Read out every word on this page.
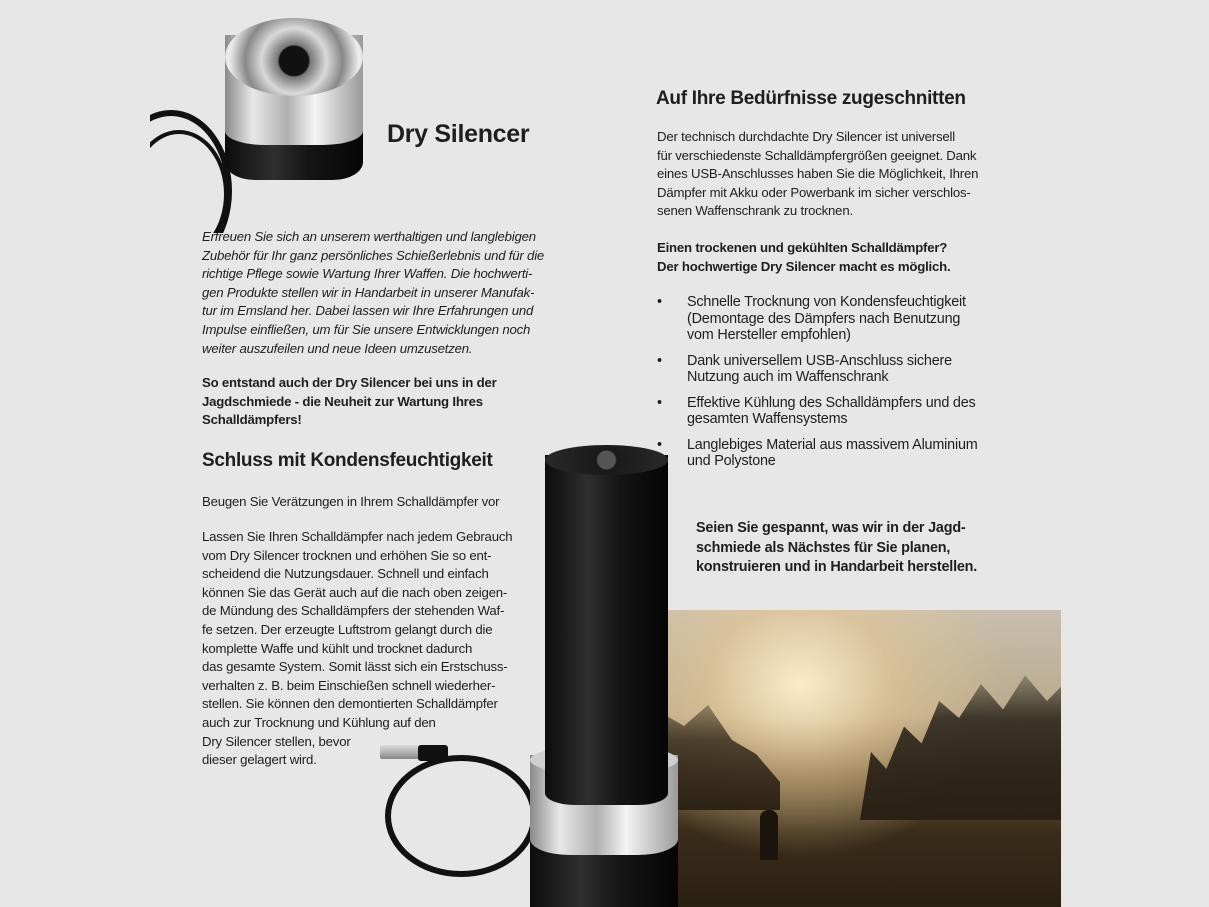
Dry Silencer
Erfreuen Sie sich an unserem werthaltigen und langlebigen
Zubehör für Ihr ganz persönliches Schießerlebnis und für die
richtige Pflege sowie Wartung Ihrer Waffen. Die hochwerti-
gen Produkte stellen wir in Handarbeit in unserer Manufak-
tur im Emsland her. Dabei lassen wir Ihre Erfahrungen und
Impulse einfließen, um für Sie unsere Entwicklungen noch
weiter auszufeilen und neue Ideen umzusetzen.
So entstand auch der Dry Silencer bei uns in der
Jagdschmiede - die Neuheit zur Wartung Ihres
Schalldämpfers!
Schluss mit Kondensfeuchtigkeit
Beugen Sie Verätzungen in Ihrem Schalldämpfer vor
Lassen Sie Ihren Schalldämpfer nach jedem Gebrauch
vom Dry Silencer trocknen und erhöhen Sie so ent-
scheidend die Nutzungsdauer. Schnell und einfach
können Sie das Gerät auch auf die nach oben zeigen-
de Mündung des Schalldämpfers der stehenden Waf-
fe setzen. Der erzeugte Luftstrom gelangt durch die
komplette Waffe und kühlt und trocknet dadurch
das gesamte System. Somit lässt sich ein Erstschuss-
verhalten z. B. beim Einschießen schnell wiederher-
stellen. Sie können den demontierten Schalldämpfer
auch zur Trocknung und Kühlung auf den
Dry Silencer stellen, bevor
dieser gelagert wird.
Auf Ihre Bedürfnisse zugeschnitten
Der technisch durchdachte Dry Silencer ist universell
für verschiedenste Schalldämpfergrößen geeignet. Dank
eines USB-Anschlusses haben Sie die Möglichkeit, Ihren
Dämpfer mit Akku oder Powerbank im sicher verschlos-
senen Waffenschrank zu trocknen.
Einen trockenen und gekühlten Schalldämpfer?
Der hochwertige Dry Silencer macht es möglich.
• Schnelle Trocknung von Kondensfeuchtigkeit
(Demontage des Dämpfers nach Benutzung
vom Hersteller empfohlen)
• Dank universellem USB-Anschluss sichere
Nutzung auch im Waffenschrank
• Effektive Kühlung des Schalldämpfers und des
gesamten Waffensystems
• Langlebiges Material aus massivem Aluminium
und Polystone
Seien Sie gespannt, was wir in der Jagd-
schmiede als Nächstes für Sie planen,
konstruieren und in Handarbeit herstellen.
